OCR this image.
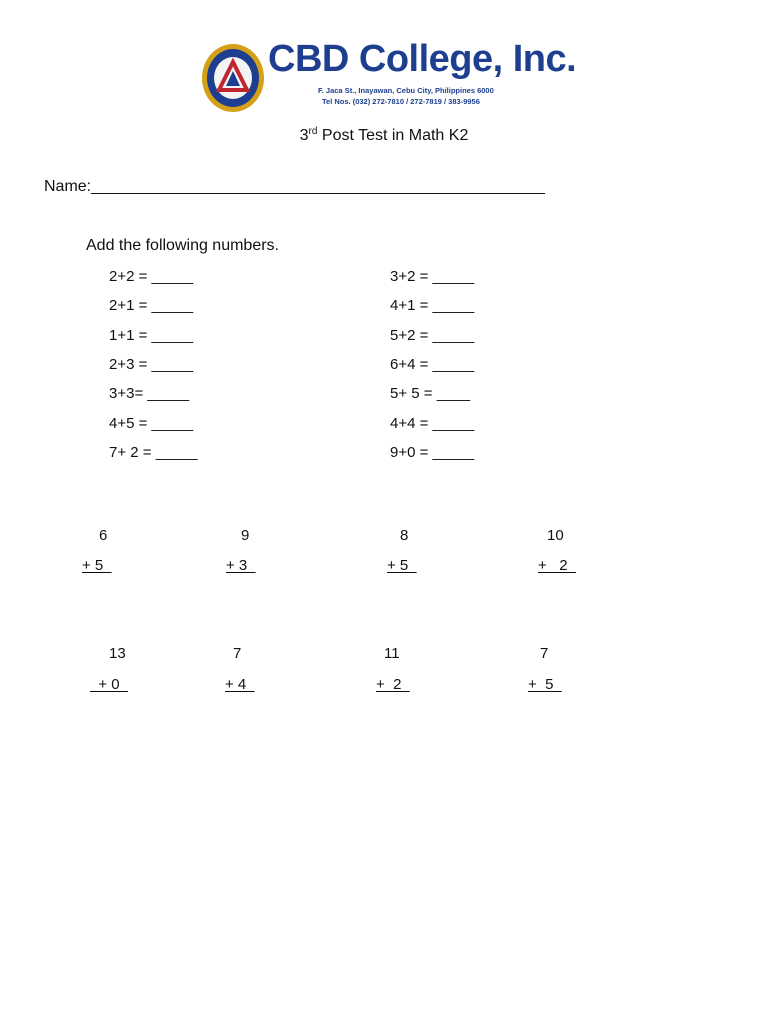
CBD College, Inc.
F. Jaca St., Inayawan, Cebu City, Philippines 6000
Tel Nos. (032) 272-7810 / 272-7819 / 383-9956
3rd Post Test in Math K2
Name:___________________________________________________
Add the following numbers.
2+2 = _____
2+1 = _____
1+1 = _____
2+3 = _____
3+3= _____
4+5 = _____
7+ 2 = _____
3+2 = _____
4+1 = _____
5+2 = _____
6+4 = _____
5+ 5 = ____
4+4 = _____
9+0 = _____
6
+ 5
9
+ 3
8
+ 5
10
+   2
13
+ 0
7
+ 4
11
+  2
7
+  5
